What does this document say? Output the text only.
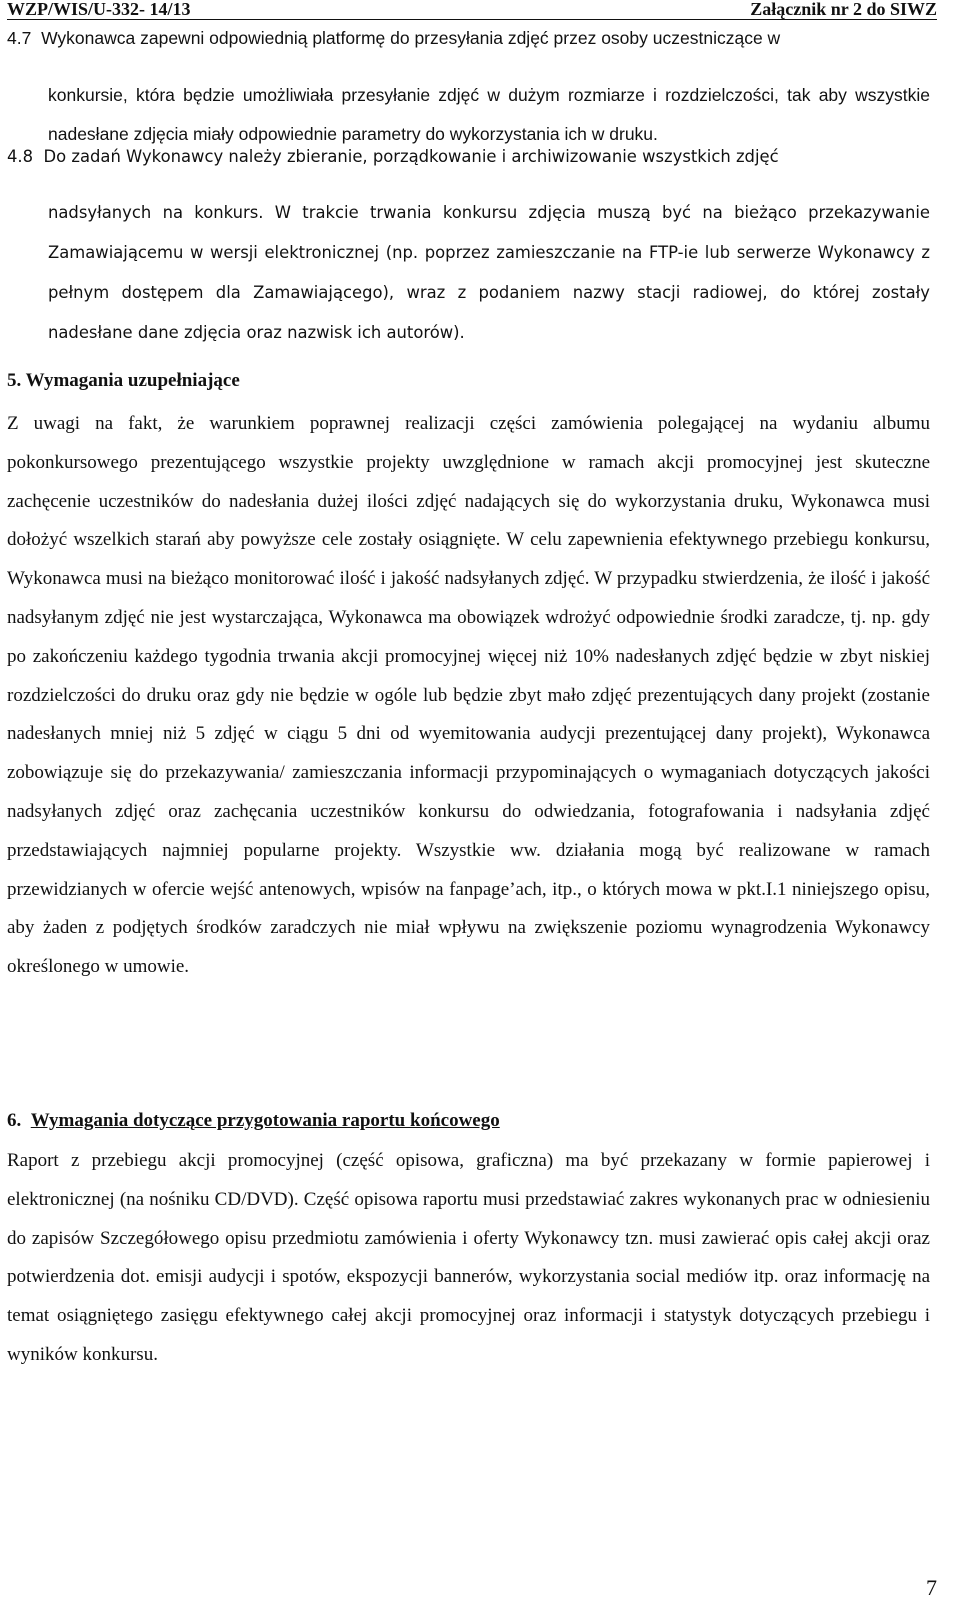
WZP/WIS/U-332- 14/13	Załącznik nr 2 do SIWZ

4.7 Wykonawca zapewni odpowiednią platformę do przesyłania zdjęć przez osoby uczestniczące w

konkursie, która będzie umożliwiała przesyłanie zdjęć w dużym rozmiarze i rozdzielczości, tak aby wszystkie nadesłane zdjęcia miały odpowiednie parametry do wykorzystania ich w druku.

4.8 Do zadań Wykonawcy należy zbieranie, porządkowanie i archiwizowanie wszystkich zdjęć

nadsyłanych na konkurs. W trakcie trwania konkursu zdjęcia muszą być na bieżąco przekazywanie Zamawiającemu w wersji elektronicznej (np. poprzez zamieszczanie na FTP-ie lub serwerze Wykonawcy z pełnym dostępem dla Zamawiającego), wraz z podaniem nazwy stacji radiowej, do której zostały nadesłane dane zdjęcia oraz nazwisk ich autorów).

5. Wymagania uzupełniające

Z uwagi na fakt, że warunkiem poprawnej realizacji części zamówienia polegającej na wydaniu albumu pokonkursowego prezentującego wszystkie projekty uwzględnione w ramach akcji promocyjnej jest skuteczne zachęcenie uczestników do nadesłania dużej ilości zdjęć nadających się do wykorzystania druku, Wykonawca musi dołożyć wszelkich starań aby powyższe cele zostały osiągnięte. W celu zapewnienia efektywnego przebiegu konkursu, Wykonawca musi na bieżąco monitorować ilość i jakość nadsyłanych zdjęć. W przypadku stwierdzenia, że ilość i jakość nadsyłanym zdjęć nie jest wystarczająca, Wykonawca ma obowiązek wdrożyć odpowiednie środki zaradcze, tj. np. gdy po zakończeniu każdego tygodnia trwania akcji promocyjnej więcej niż 10% nadesłanych zdjęć będzie w zbyt niskiej rozdzielczości do druku oraz gdy nie będzie w ogóle lub będzie zbyt mało zdjęć prezentujących dany projekt (zostanie nadesłanych mniej niż 5 zdjęć w ciągu 5 dni od wyemitowania audycji prezentującej dany projekt), Wykonawca zobowiązuje się do przekazywania/ zamieszczania informacji przypominających o wymaganiach dotyczących jakości nadsyłanych zdjęć oraz zachęcania uczestników konkursu do odwiedzania, fotografowania i nadsyłania zdjęć przedstawiających najmniej popularne projekty. Wszystkie ww. działania mogą być realizowane w ramach przewidzianych w ofercie wejść antenowych, wpisów na fanpage’ach, itp., o których mowa w pkt.I.1 niniejszego opisu, aby żaden z podjętych środków zaradczych nie miał wpływu na zwiększenie poziomu wynagrodzenia Wykonawcy określonego w umowie.

6. Wymagania dotyczące przygotowania raportu końcowego

Raport z przebiegu akcji promocyjnej (część opisowa, graficzna) ma być przekazany w formie papierowej i elektronicznej (na nośniku CD/DVD). Część opisowa raportu musi przedstawiać zakres wykonanych prac w odniesieniu do zapisów Szczegółowego opisu przedmiotu zamówienia i oferty Wykonawcy tzn. musi zawierać opis całej akcji oraz potwierdzenia dot. emisji audycji i spotów, ekspozycji bannerów, wykorzystania social mediów itp. oraz informację na temat osiągniętego zasięgu efektywnego całej akcji promocyjnej oraz informacji i statystyk dotyczących przebiegu i wyników konkursu.

7
